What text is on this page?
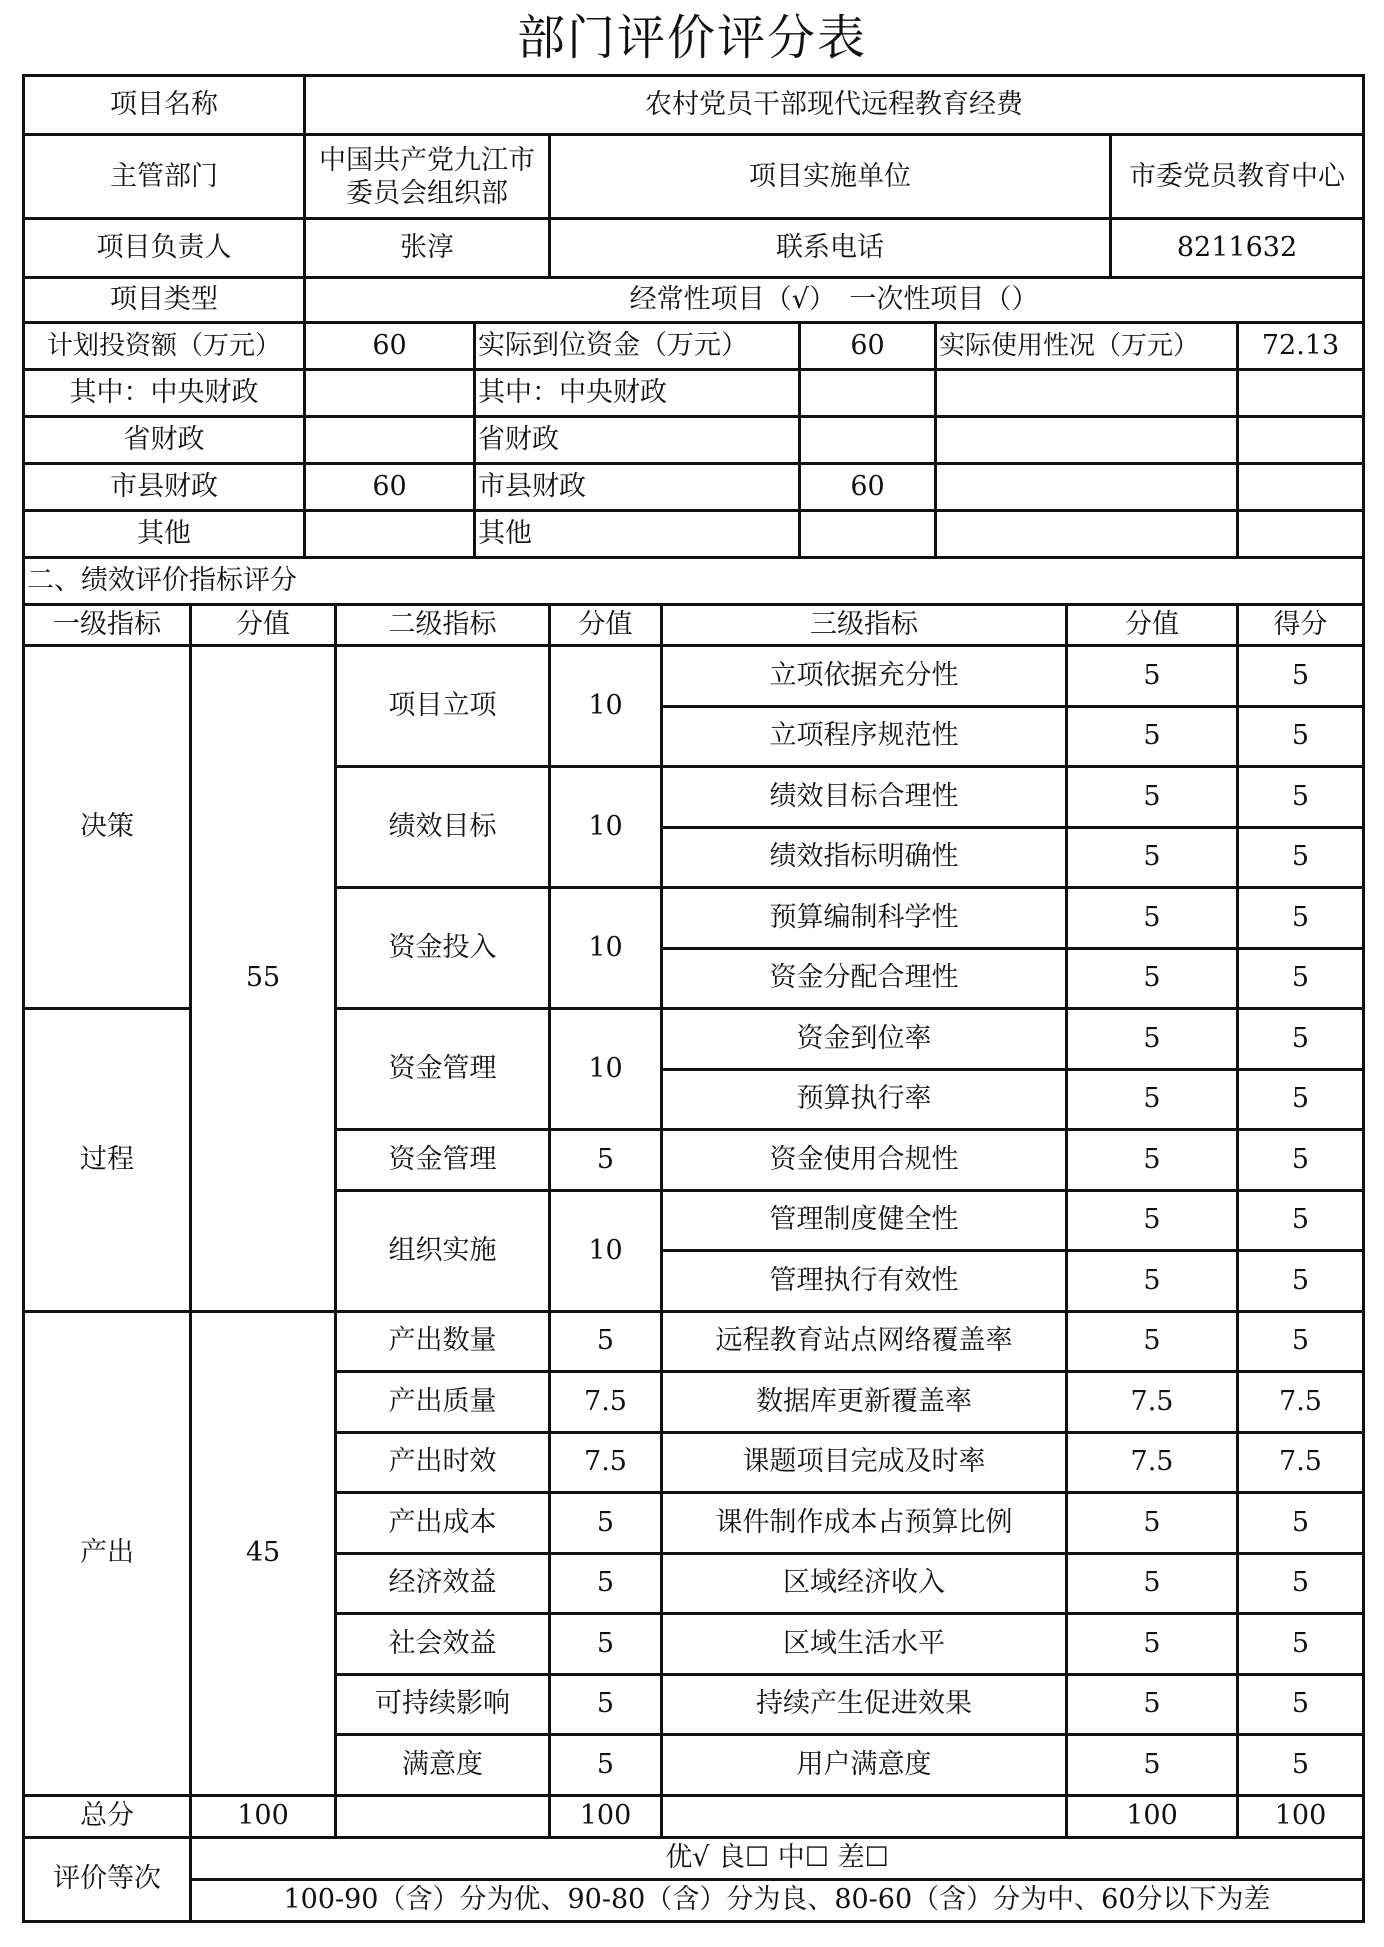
部门评价评分表
项目名称	农村党员干部现代远程教育经费		
主管部门	中国共产党九江市委员会组织部	项目实施单位	市委党员教育中心
项目负责人	张淳	联系电话	8211632
项目类型	经常性项目（√）　一次性项目（）		
计划投资额（万元）	60	实际到位资金（万元）	60	实际使用性况（万元）	72.13
其中：中央财政		其中：中央财政			
省财政		省财政			
市县财政	60	市县财政	60		
其他		其他			
二、绩效评价指标评分					
一级指标	分值	二级指标	分值	三级指标	分值	得分
决策	55	项目立项	10	立项依据充分性	5	5
				立项程序规范性	5	5
		绩效目标	10	绩效目标合理性	5	5
				绩效指标明确性	5	5
		资金投入	10	预算编制科学性	5	5
				资金分配合理性	5	5
过程		资金管理	10	资金到位率	5	5
				预算执行率	5	5
		资金管理	5	资金使用合规性	5	5
		组织实施	10	管理制度健全性	5	5
				管理执行有效性	5	5
产出	45	产出数量	5	远程教育站点网络覆盖率	5	5
		产出质量	7.5	数据库更新覆盖率	7.5	7.5
		产出时效	7.5	课题项目完成及时率	7.5	7.5
		产出成本	5	课件制作成本占预算比例	5	5
		经济效益	5	区域经济收入	5	5
		社会效益	5	区域生活水平	5	5
		可持续影响	5	持续产生促进效果	5	5
		满意度	5	用户满意度	5	5
总分	100		100		100	100
评价等次	优√ 良☐ 中☐ 差☐					
	100-90（含）分为优、90-80（含）分为良、80-60（含）分为中、60分以下为差					
